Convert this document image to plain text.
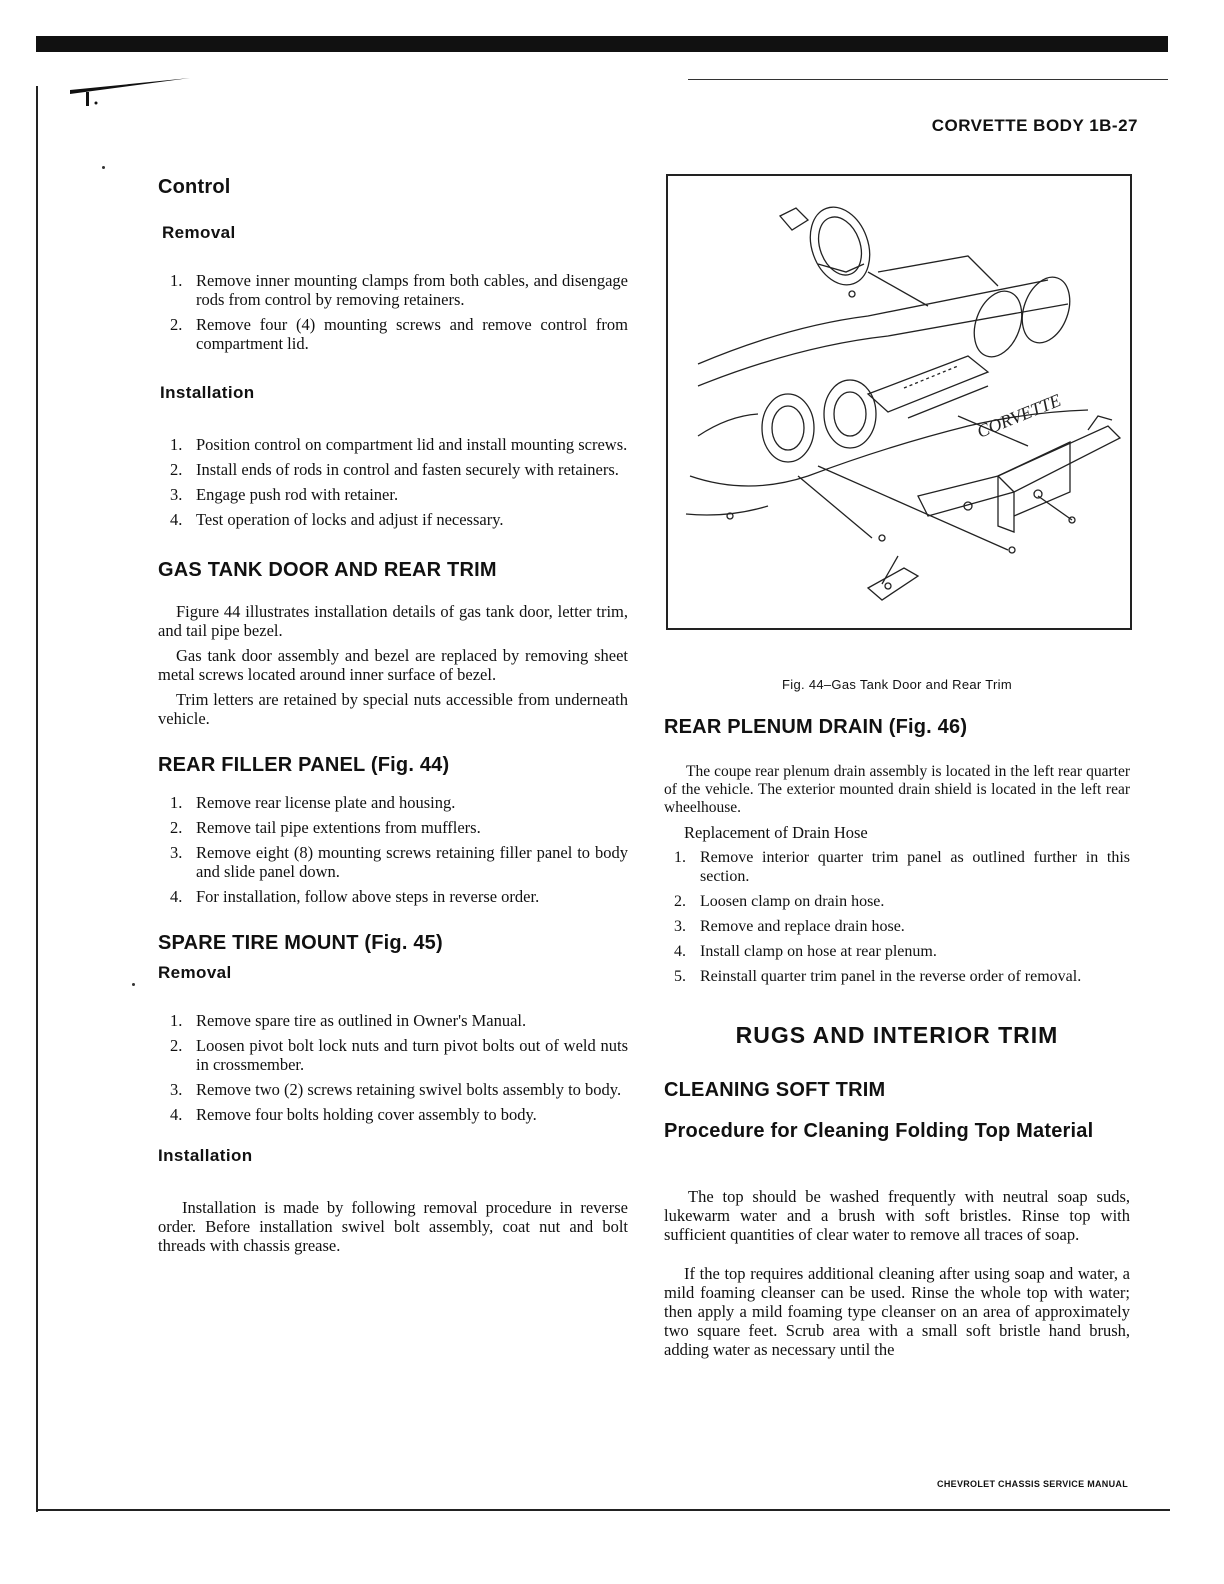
CORVETTE BODY 1B-27
Control
Removal
1. Remove inner mounting clamps from both cables, and disengage rods from control by removing retainers.
2. Remove four (4) mounting screws and remove control from compartment lid.
Installation
1. Position control on compartment lid and install mounting screws.
2. Install ends of rods in control and fasten securely with retainers.
3. Engage push rod with retainer.
4. Test operation of locks and adjust if necessary.
GAS TANK DOOR AND REAR TRIM

Figure 44 illustrates installation details of gas tank door, letter trim, and tail pipe bezel.

Gas tank door assembly and bezel are replaced by removing sheet metal screws located around inner surface of bezel.

Trim letters are retained by special nuts accessible from underneath vehicle.

REAR FILLER PANEL (Fig. 44)
1. Remove rear license plate and housing.
2. Remove tail pipe extentions from mufflers.
3. Remove eight (8) mounting screws retaining filler panel to body and slide panel down.
4. For installation, follow above steps in reverse order.
SPARE TIRE MOUNT (Fig. 45)
Removal
1. Remove spare tire as outlined in Owner's Manual.
2. Loosen pivot bolt lock nuts and turn pivot bolts out of weld nuts in crossmember.
3. Remove two (2) screws retaining swivel bolts assembly to body.
4. Remove four bolts holding cover assembly to body.
Installation

Installation is made by following removal procedure in reverse order. Before installation swivel bolt assembly, coat nut and bolt threads with chassis grease.

CORVETTE
Fig. 44–Gas Tank Door and Rear Trim
REAR PLENUM DRAIN (Fig. 46)

The coupe rear plenum drain assembly is located in the left rear quarter of the vehicle. The exterior mounted drain shield is located in the left rear wheelhouse.

Replacement of Drain Hose

1. Remove interior quarter trim panel as outlined further in this section.
2. Loosen clamp on drain hose.
3. Remove and replace drain hose.
4. Install clamp on hose at rear plenum.
5. Reinstall quarter trim panel in the reverse order of removal.
RUGS AND INTERIOR TRIM
CLEANING SOFT TRIM
Procedure for Cleaning Folding Top Material

The top should be washed frequently with neutral soap suds, lukewarm water and a brush with soft bristles. Rinse top with sufficient quantities of clear water to remove all traces of soap.

If the top requires additional cleaning after using soap and water, a mild foaming cleanser can be used. Rinse the whole top with water; then apply a mild foaming type cleanser on an area of approximately two square feet. Scrub area with a small soft bristle hand brush, adding water as necessary until the

CHEVROLET CHASSIS SERVICE MANUAL
